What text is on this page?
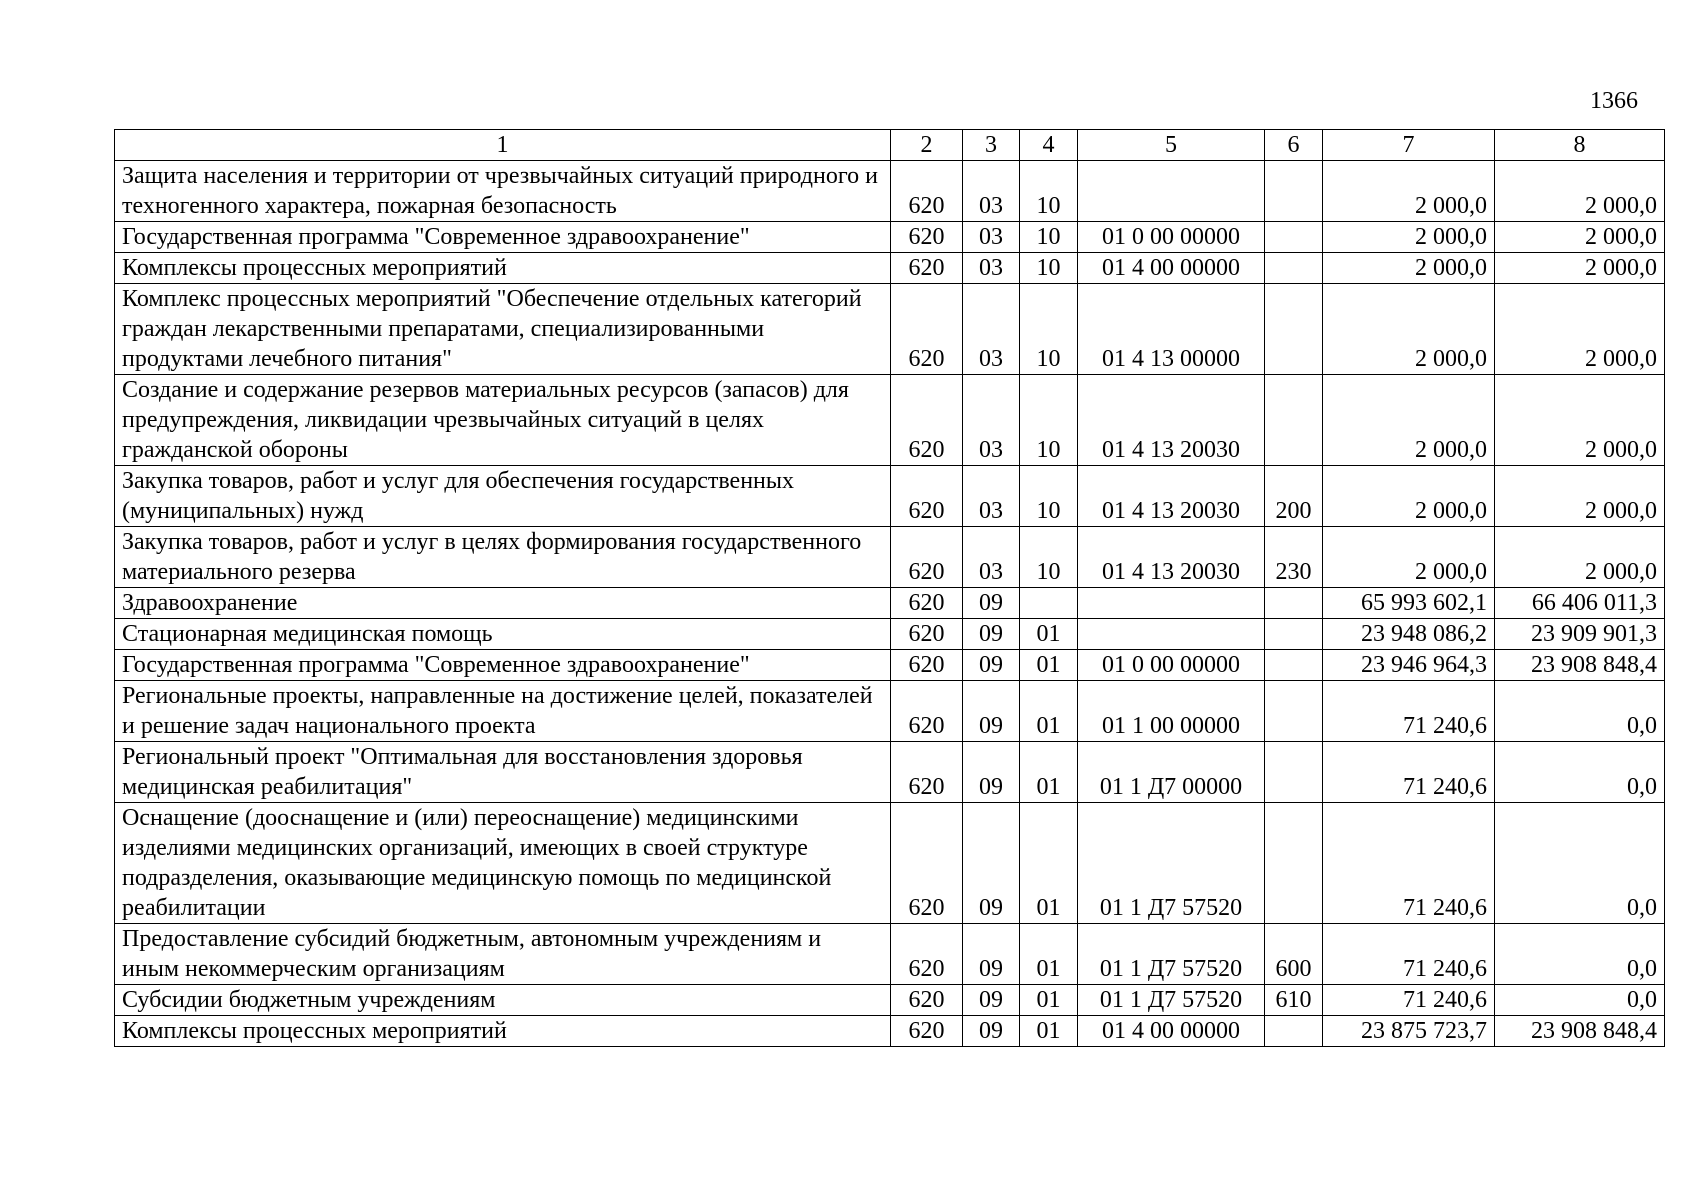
1366
1	2	3	4	5	6	7	8
Защита населения и территории от чрезвычайных ситуаций природного и техногенного характера, пожарная безопасность	620	03	10			2 000,0	2 000,0
Государственная программа "Современное здравоохранение"	620	03	10	01 0 00 00000		2 000,0	2 000,0
Комплексы процессных мероприятий	620	03	10	01 4 00 00000		2 000,0	2 000,0
Комплекс процессных мероприятий "Обеспечение отдельных категорий граждан лекарственными препаратами, специализированными продуктами лечебного питания"	620	03	10	01 4 13 00000		2 000,0	2 000,0
Создание и содержание резервов материальных ресурсов (запасов) для предупреждения, ликвидации чрезвычайных ситуаций в целях гражданской обороны	620	03	10	01 4 13 20030		2 000,0	2 000,0
Закупка товаров, работ и услуг для обеспечения государственных (муниципальных) нужд	620	03	10	01 4 13 20030	200	2 000,0	2 000,0
Закупка товаров, работ и услуг в целях формирования государственного материального резерва	620	03	10	01 4 13 20030	230	2 000,0	2 000,0
Здравоохранение	620	09				65 993 602,1	66 406 011,3
Стационарная медицинская помощь	620	09	01			23 948 086,2	23 909 901,3
Государственная программа "Современное здравоохранение"	620	09	01	01 0 00 00000		23 946 964,3	23 908 848,4
Региональные проекты, направленные на достижение целей, показателей и решение задач национального проекта	620	09	01	01 1 00 00000		71 240,6	0,0
Региональный проект "Оптимальная для восстановления здоровья медицинская реабилитация"	620	09	01	01 1 Д7 00000		71 240,6	0,0
Оснащение (дооснащение и (или) переоснащение) медицинскими изделиями медицинских организаций, имеющих в своей структуре подразделения, оказывающие медицинскую помощь по медицинской реабилитации	620	09	01	01 1 Д7 57520		71 240,6	0,0
Предоставление субсидий бюджетным, автономным учреждениям и иным некоммерческим организациям	620	09	01	01 1 Д7 57520	600	71 240,6	0,0
Субсидии бюджетным учреждениям	620	09	01	01 1 Д7 57520	610	71 240,6	0,0
Комплексы процессных мероприятий	620	09	01	01 4 00 00000		23 875 723,7	23 908 848,4
